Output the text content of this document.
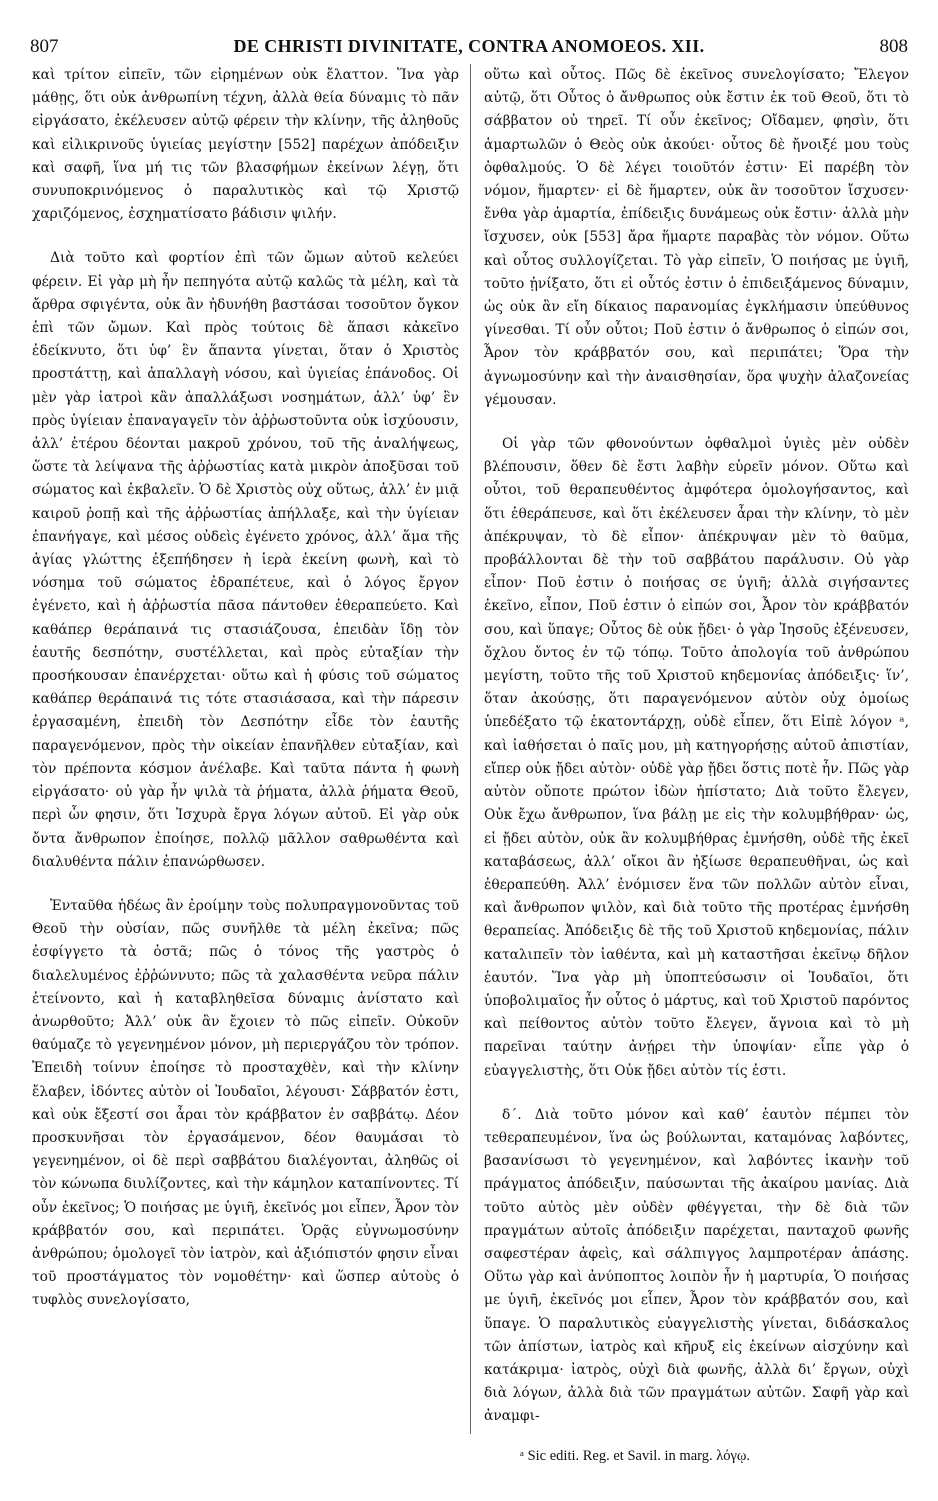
807	DE CHRISTI DIVINITATE, CONTRA ANOMOEOS. XII.	808

καὶ τρίτον εἰπεῖν, τῶν εἰρημένων οὐκ ἔλαττον. Ἵνα γὰρ μάθῃς, ὅτι οὐκ ἀνθρωπίνη τέχνη, ἀλλὰ θεία δύναμις τὸ πᾶν εἰργάσατο, ἐκέλευσεν αὐτῷ φέρειν τὴν κλίνην, τῆς ἀληθοῦς καὶ εἰλικρινοῦς ὑγιείας μεγίστην [552] παρέχων ἀπόδειξιν καὶ σαφῆ, ἵνα μή τις τῶν βλασφήμων ἐκείνων λέγῃ, ὅτι συνυποκρινόμενος ὁ παραλυτικὸς καὶ τῷ Χριστῷ χαριζόμενος, ἐσχηματίσατο βάδισιν ψιλήν.

Διὰ τοῦτο καὶ φορτίον ἐπὶ τῶν ὤμων αὐτοῦ κελεύει φέρειν. Εἰ γὰρ μὴ ἦν πεπηγότα αὐτῷ καλῶς τὰ μέλη, καὶ τὰ ἄρθρα σφιγέντα, οὐκ ἂν ἠδυνήθη βαστάσαι τοσοῦτον ὄγκον ἐπὶ τῶν ὤμων. Καὶ πρὸς τούτοις δὲ ἅπασι κἀκεῖνο ἐδείκνυτο, ὅτι ὑφ’ ἓν ἅπαντα γίνεται, ὅταν ὁ Χριστὸς προστάττῃ, καὶ ἀπαλλαγὴ νόσου, καὶ ὑγιείας ἐπάνοδος. Οἱ μὲν γὰρ ἰατροὶ κἂν ἀπαλλάξωσι νοσημάτων, ἀλλ’ ὑφ’ ἓν πρὸς ὑγίειαν ἐπαναγαγεῖν τὸν ἀῤῥωστοῦντα οὐκ ἰσχύουσιν, ἀλλ’ ἑτέρου δέονται μακροῦ χρόνου, τοῦ τῆς ἀναλήψεως, ὥστε τὰ λείψανα τῆς ἀῤῥωστίας κατὰ μικρὸν ἀποξῦσαι τοῦ σώματος καὶ ἐκβαλεῖν. Ὁ δὲ Χριστὸς οὐχ οὕτως, ἀλλ’ ἐν μιᾷ καιροῦ ῥοπῇ καὶ τῆς ἀῤῥωστίας ἀπήλλαξε, καὶ τὴν ὑγίειαν ἐπανήγαγε, καὶ μέσος οὐδεὶς ἐγένετο χρόνος, ἀλλ’ ἅμα τῆς ἁγίας γλώττης ἐξεπήδησεν ἡ ἱερὰ ἐκείνη φωνὴ, καὶ τὸ νόσημα τοῦ σώματος ἐδραπέτευε, καὶ ὁ λόγος ἔργον ἐγένετο, καὶ ἡ ἀῤῥωστία πᾶσα πάντοθεν ἐθεραπεύετο. Καὶ καθάπερ θεράπαινά τις στασιάζουσα, ἐπειδὰν ἴδῃ τὸν ἑαυτῆς δεσπότην, συστέλλεται, καὶ πρὸς εὐταξίαν τὴν προσήκουσαν ἐπανέρχεται· οὕτω καὶ ἡ φύσις τοῦ σώματος καθάπερ θεράπαινά τις τότε στασιάσασα, καὶ τὴν πάρεσιν ἐργασαμένη, ἐπειδὴ τὸν Δεσπότην εἶδε τὸν ἑαυτῆς παραγενόμενον, πρὸς τὴν οἰκείαν ἐπανῆλθεν εὐταξίαν, καὶ τὸν πρέποντα κόσμον ἀνέλαβε. Καὶ ταῦτα πάντα ἡ φωνὴ εἰργάσατο· οὐ γὰρ ἦν ψιλὰ τὰ ῥήματα, ἀλλὰ ῥήματα Θεοῦ, περὶ ὧν φησιν, ὅτι Ἰσχυρὰ ἔργα λόγων αὐτοῦ. Εἰ γὰρ οὐκ ὄντα ἄνθρωπον ἐποίησε, πολλῷ μᾶλλον σαθρωθέντα καὶ διαλυθέντα πάλιν ἐπανώρθωσεν.

Ἐνταῦθα ἡδέως ἂν ἐροίμην τοὺς πολυπραγμονοῦντας τοῦ Θεοῦ τὴν οὐσίαν, πῶς συνῆλθε τὰ μέλη ἐκεῖνα; πῶς ἐσφίγγετο τὰ ὀστᾶ; πῶς ὁ τόνος τῆς γαστρὸς ὁ διαλελυμένος ἐῤῥώννυτο; πῶς τὰ χαλασθέντα νεῦρα πάλιν ἐτείνοντο, καὶ ἡ καταβληθεῖσα δύναμις ἀνίστατο καὶ ἀνωρθοῦτο; Ἀλλ’ οὐκ ἂν ἔχοιεν τὸ πῶς εἰπεῖν. Οὐκοῦν θαύμαζε τὸ γεγενημένον μόνον, μὴ περιεργάζου τὸν τρόπον. Ἐπειδὴ τοίνυν ἐποίησε τὸ προσταχθὲν, καὶ τὴν κλίνην ἔλαβεν, ἰδόντες αὐτὸν οἱ Ἰουδαῖοι, λέγουσι· Σάββατόν ἐστι, καὶ οὐκ ἔξεστί σοι ἆραι τὸν κράββατον ἐν σαββάτῳ. Δέον προσκυνῆσαι τὸν ἐργασάμενον, δέον θαυμάσαι τὸ γεγενημένον, οἱ δὲ περὶ σαββάτου διαλέγονται, ἀληθῶς οἱ τὸν κώνωπα διυλίζοντες, καὶ τὴν κάμηλον καταπίνοντες. Τί οὖν ἐκεῖνος; Ὁ ποιήσας με ὑγιῆ, ἐκεῖνός μοι εἶπεν, Ἆρον τὸν κράββατόν σου, καὶ περιπάτει. Ὁρᾷς εὐγνωμοσύνην ἀνθρώπου; ὁμολογεῖ τὸν ἰατρὸν, καὶ ἀξιόπιστόν φησιν εἶναι τοῦ προστάγματος τὸν νομοθέτην· καὶ ὥσπερ αὐτοὺς ὁ τυφλὸς συνελογίσατο,

οὕτω καὶ οὗτος. Πῶς δὲ ἐκεῖνος συνελογίσατο; Ἔλεγον αὐτῷ, ὅτι Οὗτος ὁ ἄνθρωπος οὐκ ἔστιν ἐκ τοῦ Θεοῦ, ὅτι τὸ σάββατον οὐ τηρεῖ. Τί οὖν ἐκεῖνος; Οἴδαμεν, φησὶν, ὅτι ἁμαρτωλῶν ὁ Θεὸς οὐκ ἀκούει· οὗτος δὲ ἤνοιξέ μου τοὺς ὀφθαλμούς. Ὁ δὲ λέγει τοιοῦτόν ἐστιν· Εἰ παρέβη τὸν νόμον, ἥμαρτεν· εἰ δὲ ἥμαρτεν, οὐκ ἂν τοσοῦτον ἴσχυσεν· ἔνθα γὰρ ἁμαρτία, ἐπίδειξις δυνάμεως οὐκ ἔστιν· ἀλλὰ μὴν ἴσχυσεν, οὐκ [553] ἄρα ἥμαρτε παραβὰς τὸν νόμον. Οὕτω καὶ οὗτος συλλογίζεται. Τὸ γὰρ εἰπεῖν, Ὁ ποιήσας με ὑγιῆ, τοῦτο ᾐνίξατο, ὅτι εἰ οὗτός ἐστιν ὁ ἐπιδειξάμενος δύναμιν, ὡς οὐκ ἂν εἴη δίκαιος παρανομίας ἐγκλήμασιν ὑπεύθυνος γίνεσθαι. Τί οὖν οὗτοι; Ποῦ ἐστιν ὁ ἄνθρωπος ὁ εἰπών σοι, Ἆρον τὸν κράββατόν σου, καὶ περιπάτει; Ὅρα τὴν ἀγνωμοσύνην καὶ τὴν ἀναισθησίαν, ὅρα ψυχὴν ἀλαζονείας γέμουσαν.

Οἱ γὰρ τῶν φθονούντων ὀφθαλμοὶ ὑγιὲς μὲν οὐδὲν βλέπουσιν, ὅθεν δὲ ἔστι λαβὴν εὑρεῖν μόνον. Οὕτω καὶ οὗτοι, τοῦ θεραπευθέντος ἀμφότερα ὁμολογήσαντος, καὶ ὅτι ἐθεράπευσε, καὶ ὅτι ἐκέλευσεν ἆραι τὴν κλίνην, τὸ μὲν ἀπέκρυψαν, τὸ δὲ εἶπον· ἀπέκρυψαν μὲν τὸ θαῦμα, προβάλλονται δὲ τὴν τοῦ σαββάτου παράλυσιν. Οὐ γὰρ εἶπον· Ποῦ ἐστιν ὁ ποιήσας σε ὑγιῆ; ἀλλὰ σιγήσαντες ἐκεῖνο, εἶπον, Ποῦ ἐστιν ὁ εἰπών σοι, Ἆρον τὸν κράββατόν σου, καὶ ὕπαγε; Οὗτος δὲ οὐκ ᾔδει· ὁ γὰρ Ἰησοῦς ἐξένευσεν, ὄχλου ὄντος ἐν τῷ τόπῳ. Τοῦτο ἀπολογία τοῦ ἀνθρώπου μεγίστη, τοῦτο τῆς τοῦ Χριστοῦ κηδεμονίας ἀπόδειξις· ἵν’, ὅταν ἀκούσῃς, ὅτι παραγενόμενον αὐτὸν οὐχ ὁμοίως ὑπεδέξατο τῷ ἑκατοντάρχῃ, οὐδὲ εἶπεν, ὅτι Εἰπὲ λόγον ᵃ, καὶ ἰαθήσεται ὁ παῖς μου, μὴ κατηγορήσῃς αὐτοῦ ἀπιστίαν, εἴπερ οὐκ ᾔδει αὐτὸν· οὐδὲ γὰρ ᾔδει ὅστις ποτὲ ἦν. Πῶς γὰρ αὐτὸν οὔποτε πρώτον ἰδὼν ἠπίστατο; Διὰ τοῦτο ἔλεγεν, Οὐκ ἔχω ἄνθρωπον, ἵνα βάλῃ με εἰς τὴν κολυμβήθραν· ὡς, εἰ ᾔδει αὐτὸν, οὐκ ἂν κολυμβήθρας ἐμνήσθη, οὐδὲ τῆς ἐκεῖ καταβάσεως, ἀλλ’ οἴκοι ἂν ἠξίωσε θεραπευθῆναι, ὡς καὶ ἐθεραπεύθη. Ἀλλ’ ἐνόμισεν ἕνα τῶν πολλῶν αὐτὸν εἶναι, καὶ ἄνθρωπον ψιλὸν, καὶ διὰ τοῦτο τῆς προτέρας ἐμνήσθη θεραπείας. Ἀπόδειξις δὲ τῆς τοῦ Χριστοῦ κηδεμονίας, πάλιν καταλιπεῖν τὸν ἰαθέντα, καὶ μὴ καταστῆσαι ἐκεῖνῳ δῆλον ἑαυτόν. Ἵνα γὰρ μὴ ὑποπτεύσωσιν οἱ Ἰουδαῖοι, ὅτι ὑποβολιμαῖος ἦν οὗτος ὁ μάρτυς, καὶ τοῦ Χριστοῦ παρόντος καὶ πείθοντος αὐτὸν τοῦτο ἔλεγεν, ἄγνοια καὶ τὸ μὴ παρεῖναι ταύτην ἀνῄρει τὴν ὑποψίαν· εἶπε γὰρ ὁ εὐαγγελιστὴς, ὅτι Οὐκ ᾔδει αὐτὸν τίς ἐστι.

δ΄. Διὰ τοῦτο μόνον καὶ καθ’ ἑαυτὸν πέμπει τὸν τεθεραπευμένον, ἵνα ὡς βούλωνται, καταμόνας λαβόντες, βασανίσωσι τὸ γεγενημένον, καὶ λαβόντες ἱκανὴν τοῦ πράγματος ἀπόδειξιν, παύσωνται τῆς ἀκαίρου μανίας. Διὰ τοῦτο αὐτὸς μὲν οὐδὲν φθέγγεται, τὴν δὲ διὰ τῶν πραγμάτων αὐτοῖς ἀπόδειξιν παρέχεται, πανταχοῦ φωνῆς σαφεστέραν ἀφεὶς, καὶ σάλπιγγος λαμπροτέραν ἁπάσης. Οὕτω γὰρ καὶ ἀνύποπτος λοιπὸν ἦν ἡ μαρτυρία, Ὁ ποιήσας με ὑγιῆ, ἐκεῖνός μοι εἶπεν, Ἆρον τὸν κράββατόν σου, καὶ ὕπαγε. Ὁ παραλυτικὸς εὐαγγελιστὴς γίνεται, διδάσκαλος τῶν ἀπίστων, ἰατρὸς καὶ κῆρυξ εἰς ἐκείνων αἰσχύνην καὶ κατάκριμα· ἰατρὸς, οὐχὶ διὰ φωνῆς, ἀλλὰ δι’ ἔργων, οὐχὶ διὰ λόγων, ἀλλὰ διὰ τῶν πραγμάτων αὐτῶν. Σαφῆ γὰρ καὶ ἀναμφι-

ᵃ Sic editi. Reg. et Savil. in marg. λόγῳ.
